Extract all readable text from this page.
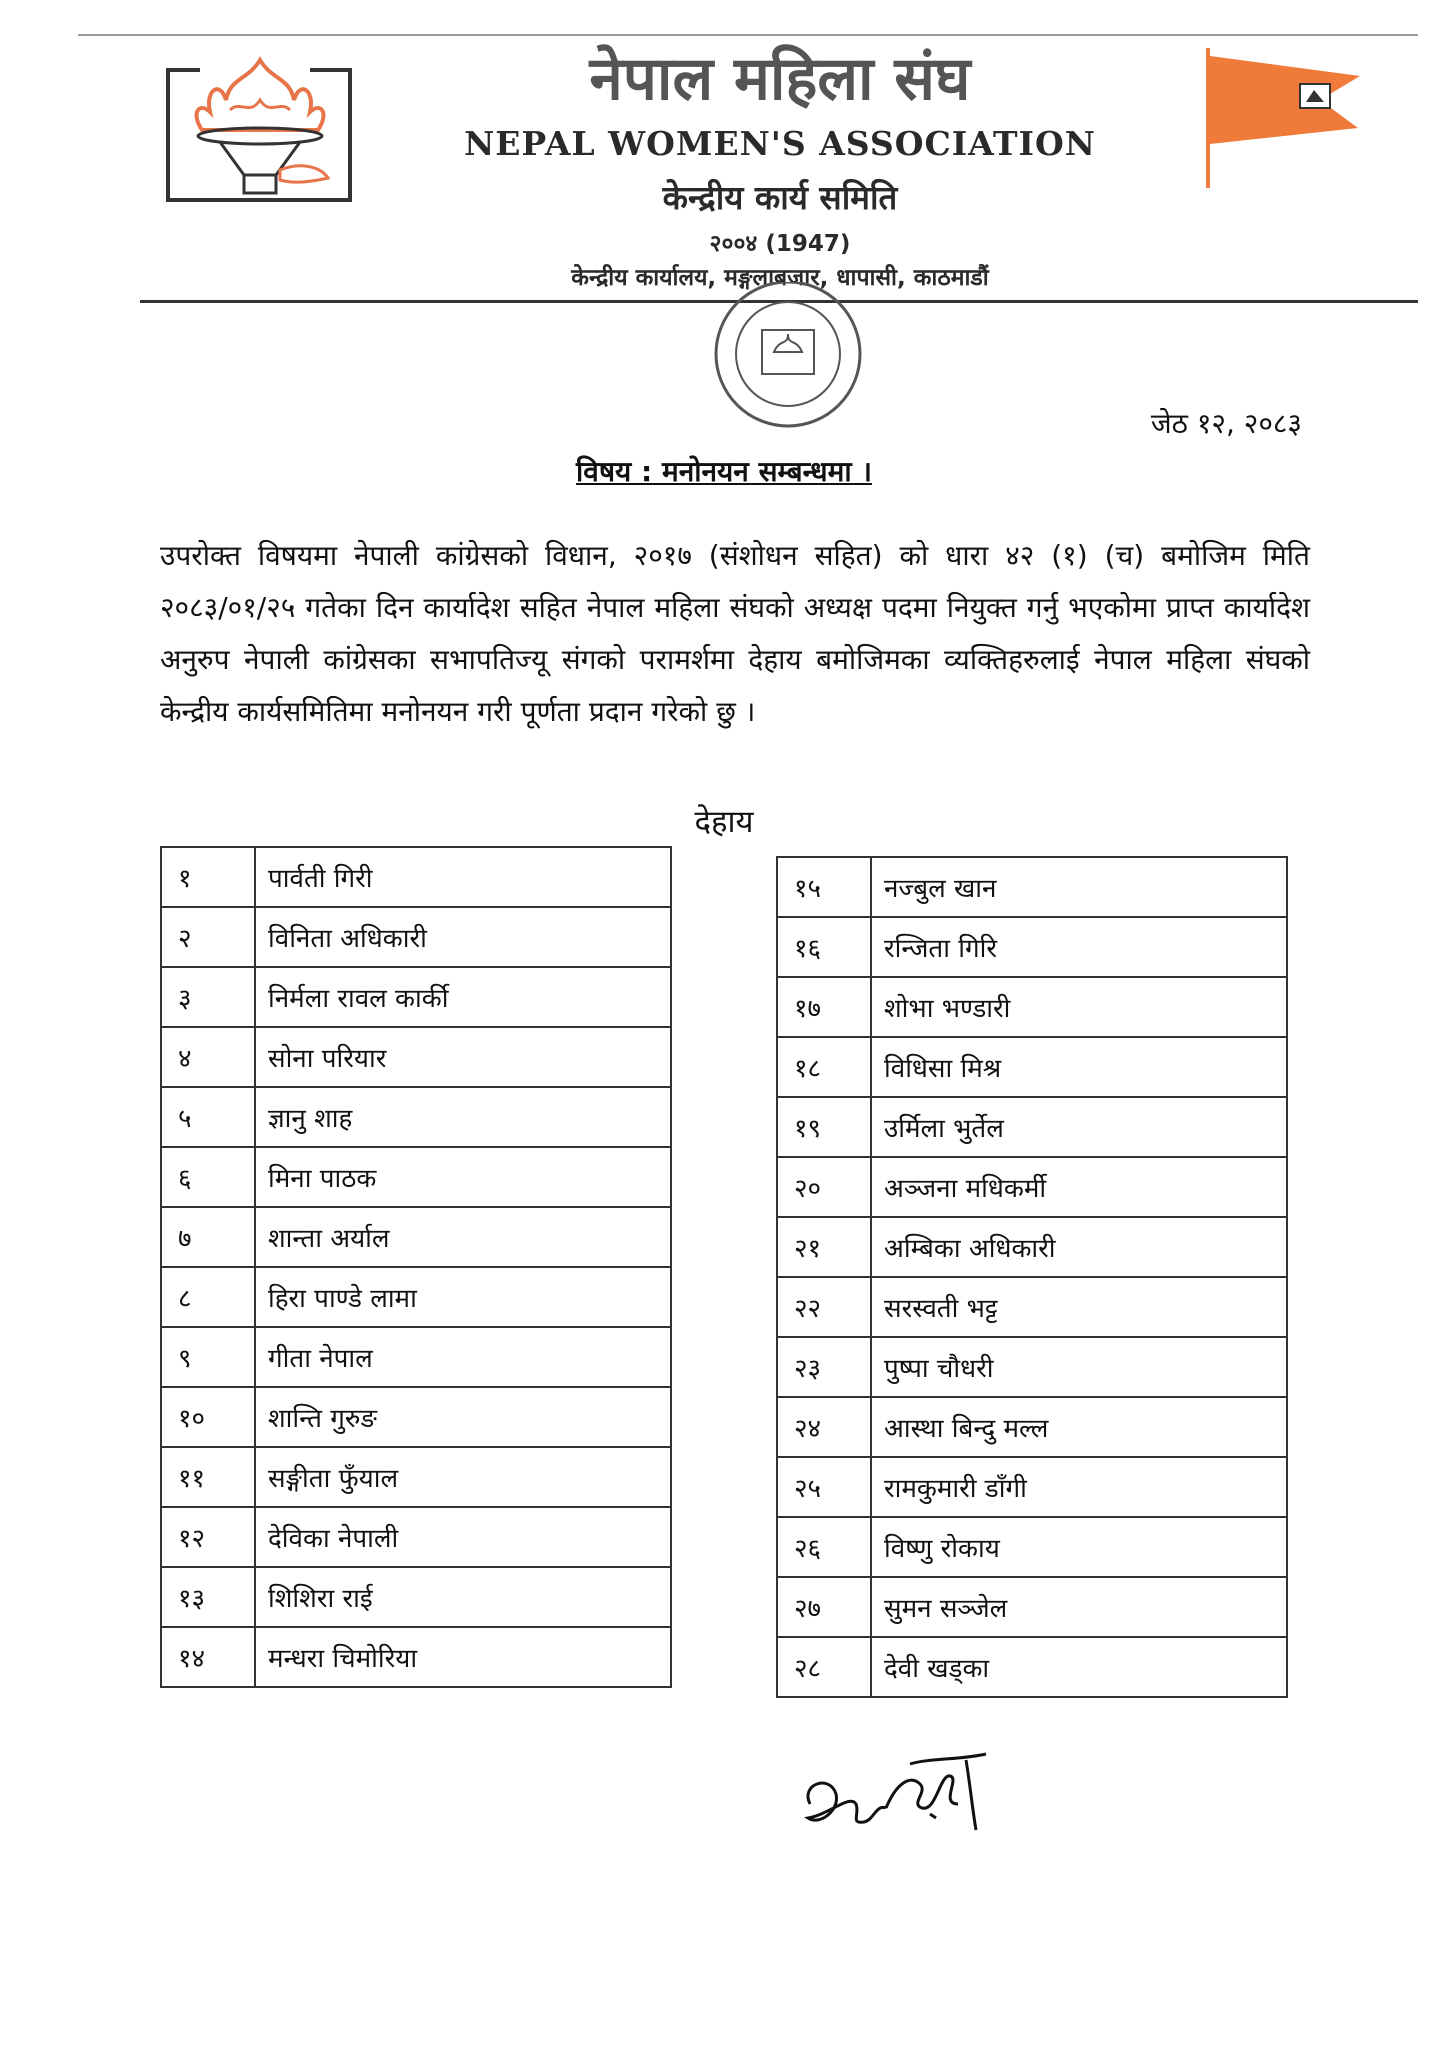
नेपाल महिला संघ
NEPAL WOMEN'S ASSOCIATION
केन्द्रीय कार्य समिति
२००४ (1947)
केन्द्रीय कार्यालय, मङ्गलाबजार, धापासी, काठमाडौं
जेठ १२, २०८३
विषय : मनोनयन सम्बन्धमा ।
उपरोक्त विषयमा नेपाली कांग्रेसको विधान, २०१७ (संशोधन सहित) को धारा ४२ (१) (च) बमोजिम मिति २०८३/०१/२५ गतेका दिन कार्यादेश सहित नेपाल महिला संघको अध्यक्ष पदमा नियुक्त गर्नु भएकोमा प्राप्त कार्यादेश अनुरुप नेपाली कांग्रेसका सभापतिज्यू संगको परामर्शमा देहाय बमोजिमका व्यक्तिहरुलाई नेपाल महिला संघको केन्द्रीय कार्यसमितिमा मनोनयन गरी पूर्णता प्रदान गरेको छु ।
देहाय
१	पार्वती गिरी
२	विनिता अधिकारी
३	निर्मला रावल कार्की
४	सोना परियार
५	ज्ञानु शाह
६	मिना पाठक
७	शान्ता अर्याल
८	हिरा पाण्डे लामा
९	गीता नेपाल
१०	शान्ति गुरुङ
११	सङ्गीता फुँयाल
१२	देविका नेपाली
१३	शिशिरा राई
१४	मन्धरा चिमोरिया
१५	नज्बुल खान
१६	रन्जिता गिरि
१७	शोभा भण्डारी
१८	विधिसा मिश्र
१९	उर्मिला भुर्तेल
२०	अञ्जना मधिकर्मी
२१	अम्बिका अधिकारी
२२	सरस्वती भट्ट
२३	पुष्पा चौधरी
२४	आस्था बिन्दु मल्ल
२५	रामकुमारी डाँगी
२६	विष्णु रोकाय
२७	सुमन सञ्जेल
२८	देवी खड्का
